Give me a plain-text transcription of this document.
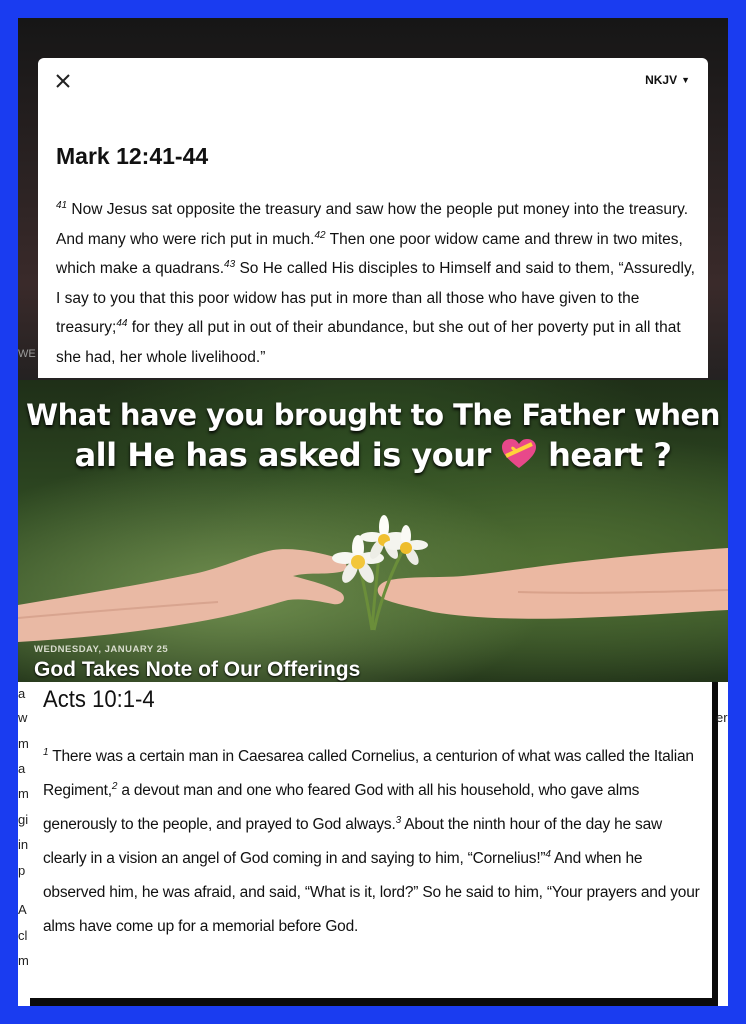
WE
NKJV ▼
Mark 12:41-44
$^{41}$ Now Jesus sat opposite the treasury and saw how the people put money into the treasury. And many who were rich put in much.$^{42}$ Then one poor widow came and threw in two mites, which make a quadrans.$^{43}$ So He called His disciples to Himself and said to them, “Assuredly, I say to you that this poor widow has put in more than all those who have given to the treasury;$^{44}$ for they all put in out of their abundance, but she out of her poverty put in all that she had, her whole livelihood.”
What have you brought to The Father when
all He has asked is your heart ?
WEDNESDAY, JANUARY 25
God Takes Note of Our Offerings
a
w
m
a
m
gi
in
p
A
cl
m
er
Acts 10:1-4
$^1$ There was a certain man in Caesarea called Cornelius, a centurion of what was called the Italian Regiment,$^2$ a devout man and one who feared God with all his household, who gave alms generously to the people, and prayed to God always.$^3$ About the ninth hour of the day he saw clearly in a vision an angel of God coming in and saying to him, “Cornelius!”$^4$ And when he observed him, he was afraid, and said, “What is it, lord?” So he said to him, “Your prayers and your alms have come up for a memorial before God.
